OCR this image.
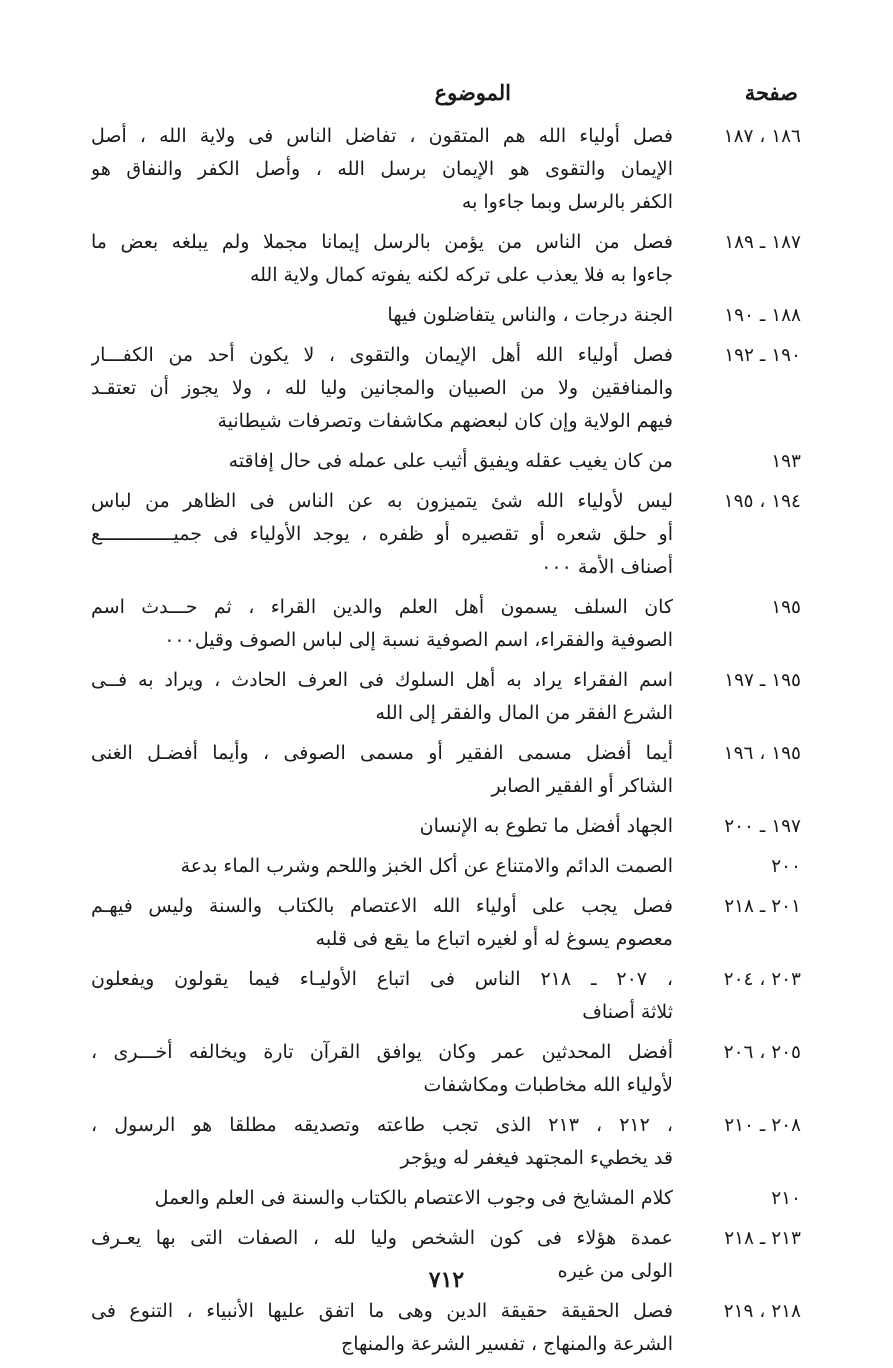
صفحة
الموضوع
١٨٦ ، ١٨٧
فصل أولياء الله هم المتقون ، تفاضل الناس فى ولاية الله ، أصل
الإيمان والتقوى هو الإيمان برسل الله ، وأصل الكفر والنفاق هو
الكفر بالرسل وبما جاءوا به
١٨٧ ـ ١٨٩
فصل من الناس من يؤمن بالرسل إيمانا مجملا ولم يبلغه بعض ما
جاءوا به فلا يعذب على تركه لكنه يفوته كمال ولاية الله
١٨٨ ـ ١٩٠
الجنة درجات ، والناس يتفاضلون فيها
١٩٠ ـ ١٩٢
فصل أولياء الله أهل الإيمان والتقوى ، لا يكون أحد من الكفـــار
والمنافقين ولا من الصبيان والمجانين وليا لله ، ولا يجوز أن تعتقـد
فيهم الولاية وإن كان لبعضهم مكاشفات وتصرفات شيطانية
١٩٣
من كان يغيب عقله ويفيق أثيب على عمله فى حال إفاقته
١٩٤ ، ١٩٥
ليس لأولياء الله شئ يتميزون به عن الناس فى الظاهر من لباس
أو حلق شعره أو تقصيره أو ظفره ، يوجد الأولياء فى جميـــــــــــــع
أصناف الأمة ٠٠٠
١٩٥
كان السلف يسمون أهل العلم والدين القراء ، ثم حـــدث اسم
الصوفية والفقراء، اسم الصوفية نسبة إلى لباس الصوف وقيل٠٠٠
١٩٥ ـ ١٩٧
اسم الفقراء يراد به أهل السلوك فى العرف الحادث ، ويراد به فــى
الشرع الفقر من المال والفقر إلى الله
١٩٥ ، ١٩٦
أيما أفضل مسمى الفقير أو مسمى الصوفى ، وأيما أفضـل الغنى
الشاكر أو الفقير الصابر
١٩٧ ـ ٢٠٠
الجهاد أفضل ما تطوع به الإنسان
٢٠٠
الصمت الدائم والامتناع عن أكل الخبز واللحم وشرب الماء بدعة
٢٠١ ـ ٢١٨
فصل يجب على أولياء الله الاعتصام بالكتاب والسنة وليس فيهـم
معصوم يسوغ له أو لغيره اتباع ما يقع فى قلبه
٢٠٣ ، ٢٠٤
، ٢٠٧ ـ ٢١٨ الناس فى اتباع الأوليـاء فيما يقولون ويفعلون
ثلاثة أصناف
٢٠٥ ، ٢٠٦
أفضل المحدثين عمر وكان يوافق القرآن تارة ويخالفه أخـــرى ،
لأولياء الله مخاطبات ومكاشفات
٢٠٨ ـ ٢١٠
، ٢١٢ ، ٢١٣ الذى تجب طاعته وتصديقه مطلقا هو الرسول ،
قد يخطيء المجتهد فيغفر له ويؤجر
٢١٠
كلام المشايخ فى وجوب الاعتصام بالكتاب والسنة فى العلم والعمل
٢١٣ ـ ٢١٨
عمدة هؤلاء فى كون الشخص وليا لله ، الصفات التى بها يعـرف
الولى من غيره
٢١٨ ، ٢١٩
فصل الحقيقة حقيقة الدين وهى ما اتفق عليها الأنبياء ، التنوع فى
الشرعة والمنهاج ، تفسير الشرعة والمنهاج
٧١٢
